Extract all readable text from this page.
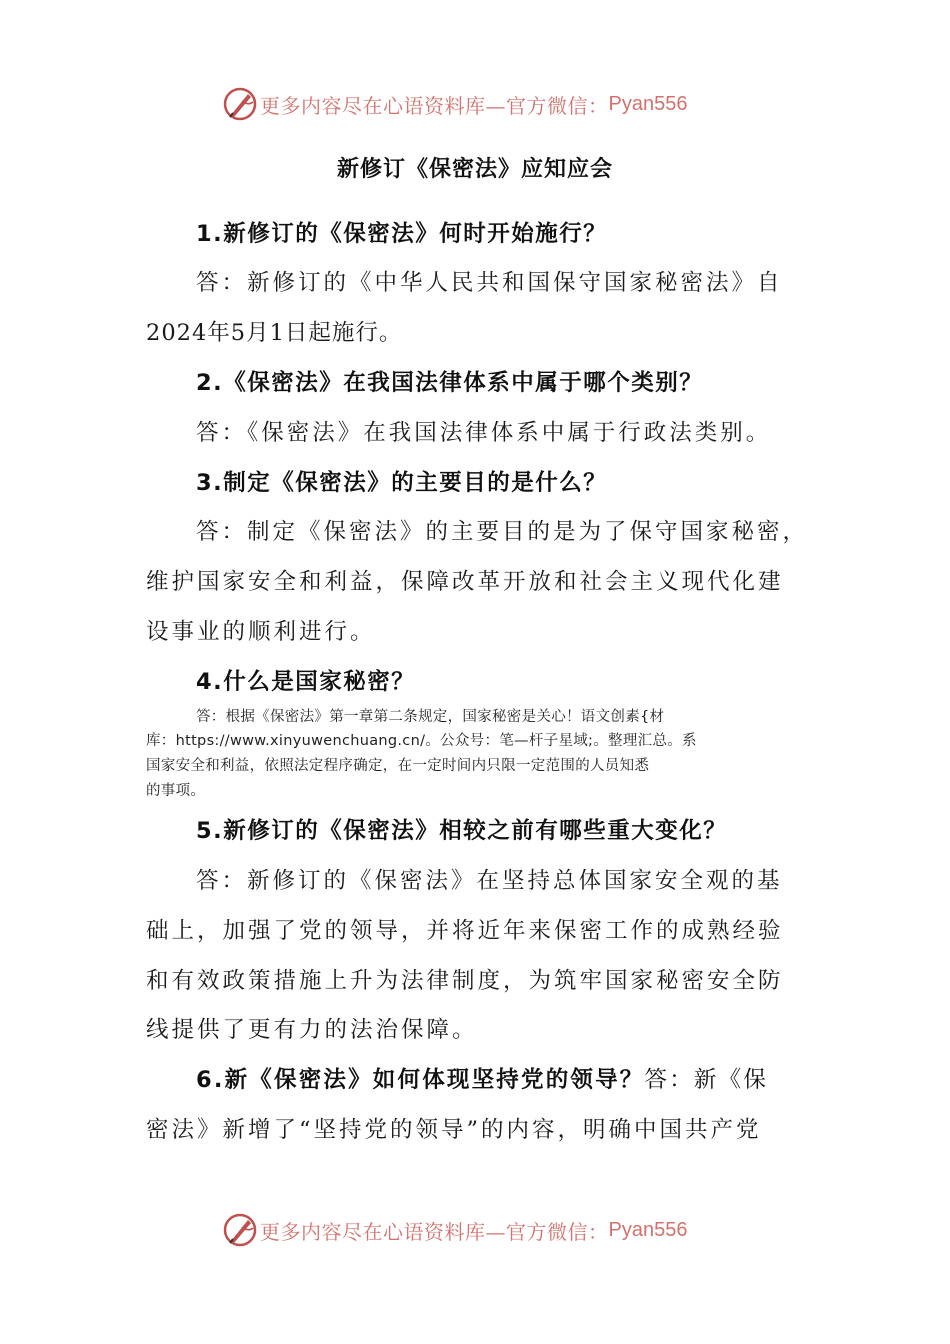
更多内容尽在心语资料库—官方微信： Pyan556
新修订《保密法》应知应会
1.新修订的《保密法》何时开始施行？
答：新修订的《中华人民共和国保守国家秘密法》自
2024年5月1日起施行。
2.《保密法》在我国法律体系中属于哪个类别？
答：《保密法》在我国法律体系中属于行政法类别。
3.制定《保密法》的主要目的是什么？
答：制定《保密法》的主要目的是为了保守国家秘密，
维护国家安全和利益，保障改革开放和社会主义现代化建
设事业的顺利进行。
4.什么是国家秘密？
答：根据《保密法》第一章第二条规定，国家秘密是关心！语文创素{材
库：https://www.xinyuwenchuang.cn/。公众号：笔—杆子星域;。整理汇总。系
国家安全和利益，依照法定程序确定，在一定时间内只限一定范围的人员知悉
的事项。
5.新修订的《保密法》相较之前有哪些重大变化？
答：新修订的《保密法》在坚持总体国家安全观的基
础上，加强了党的领导，并将近年来保密工作的成熟经验
和有效政策措施上升为法律制度，为筑牢国家秘密安全防
线提供了更有力的法治保障。
6.新《保密法》如何体现坚持党的领导？答：新《保
密法》新增了“坚持党的领导”的内容，明确中国共产党
更多内容尽在心语资料库—官方微信： Pyan556
